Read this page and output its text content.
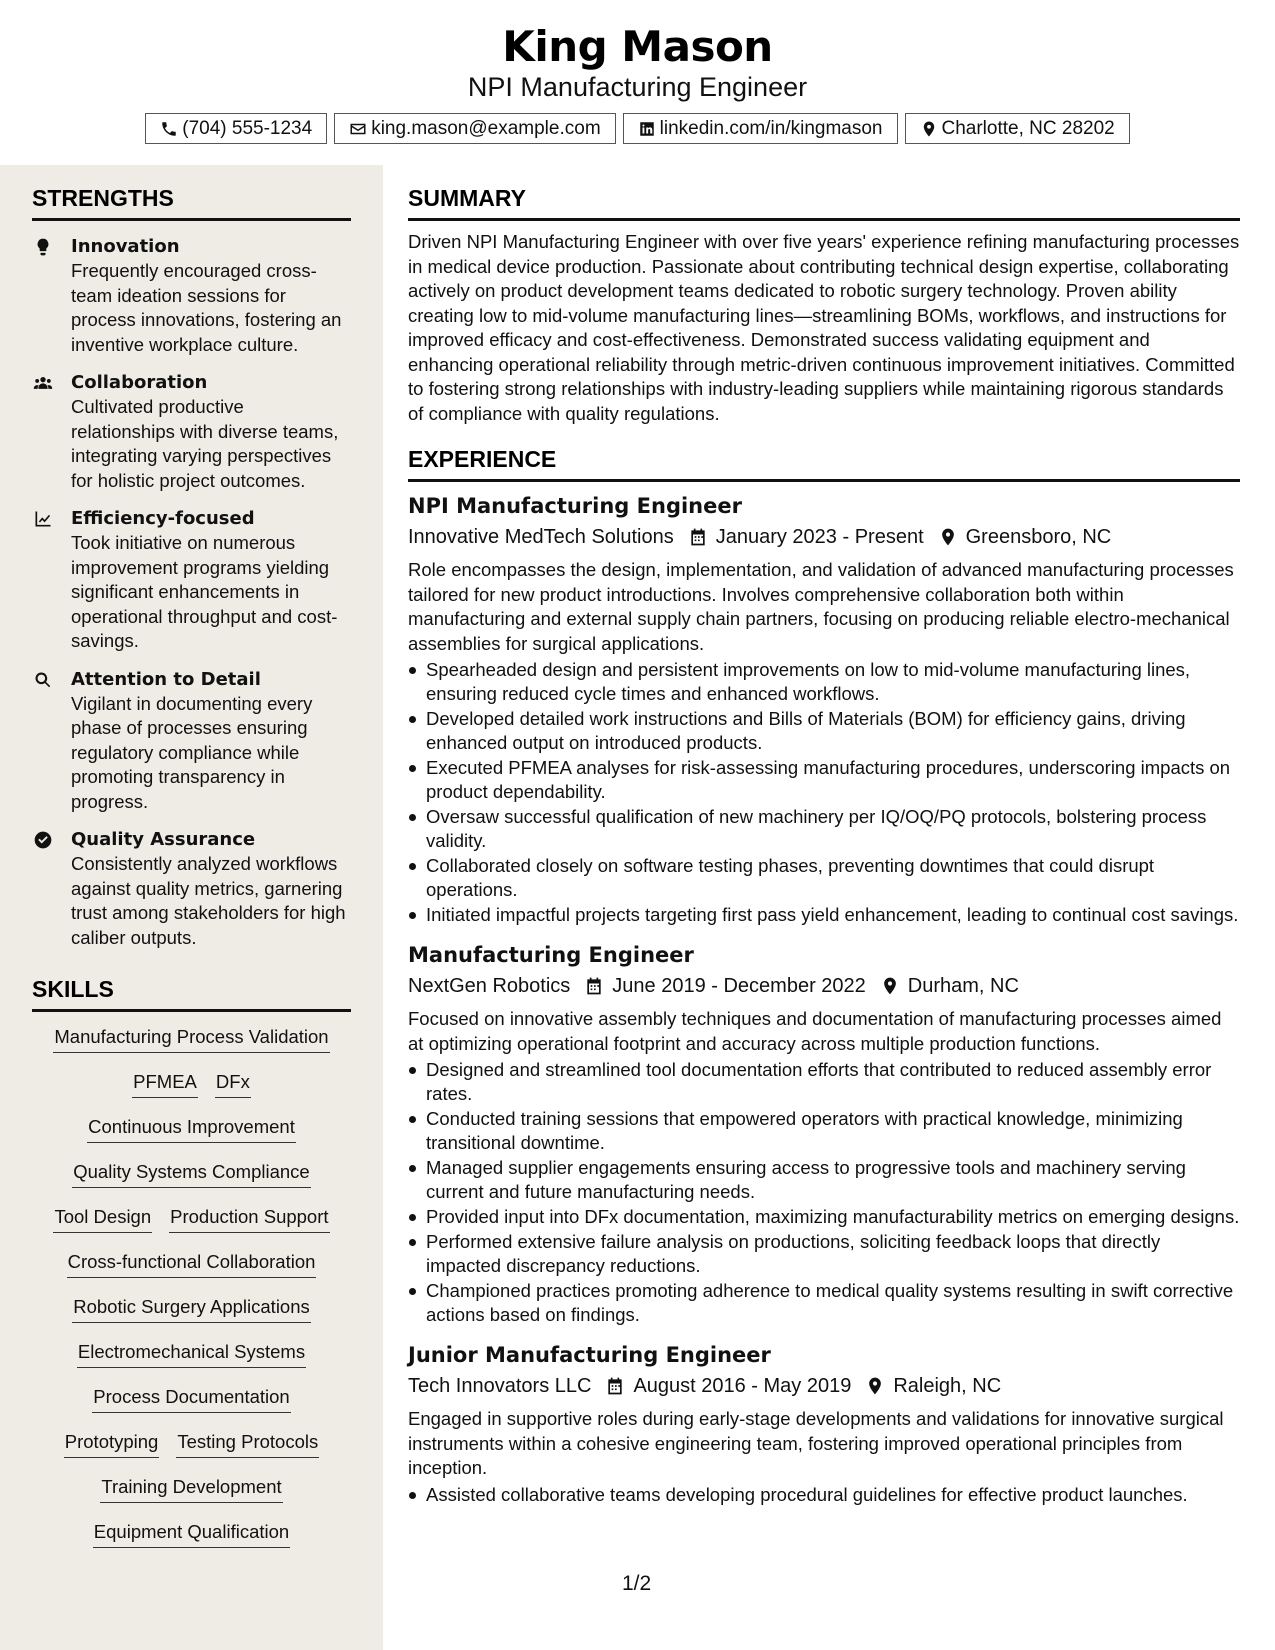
King Mason
NPI Manufacturing Engineer
(704) 555-1234	king.mason@example.com	linkedin.com/in/kingmason	Charlotte, NC 28202
STRENGTHS
Innovation
Frequently encouraged cross-team ideation sessions for process innovations, fostering an inventive workplace culture.
Collaboration
Cultivated productive relationships with diverse teams, integrating varying perspectives for holistic project outcomes.
Efficiency-focused
Took initiative on numerous improvement programs yielding significant enhancements in operational throughput and cost-savings.
Attention to Detail
Vigilant in documenting every phase of processes ensuring regulatory compliance while promoting transparency in progress.
Quality Assurance
Consistently analyzed workflows against quality metrics, garnering trust among stakeholders for high caliber outputs.
SKILLS
Manufacturing Process Validation
PFMEA DFx
Continuous Improvement
Quality Systems Compliance
Tool Design Production Support
Cross-functional Collaboration
Robotic Surgery Applications
Electromechanical Systems
Process Documentation
Prototyping Testing Protocols
Training Development
Equipment Qualification
SUMMARY
Driven NPI Manufacturing Engineer with over five years' experience refining manufacturing processes in medical device production. Passionate about contributing technical design expertise, collaborating actively on product development teams dedicated to robotic surgery technology. Proven ability creating low to mid-volume manufacturing lines—streamlining BOMs, workflows, and instructions for improved efficacy and cost-effectiveness. Demonstrated success validating equipment and enhancing operational reliability through metric-driven continuous improvement initiatives. Committed to fostering strong relationships with industry-leading suppliers while maintaining rigorous standards of compliance with quality regulations.
EXPERIENCE
NPI Manufacturing Engineer
Innovative MedTech Solutions January 2023 - Present Greensboro, NC
Role encompasses the design, implementation, and validation of advanced manufacturing processes tailored for new product introductions. Involves comprehensive collaboration both within manufacturing and external supply chain partners, focusing on producing reliable electro-mechanical assemblies for surgical applications.
Spearheaded design and persistent improvements on low to mid-volume manufacturing lines, ensuring reduced cycle times and enhanced workflows.
Developed detailed work instructions and Bills of Materials (BOM) for efficiency gains, driving enhanced output on introduced products.
Executed PFMEA analyses for risk-assessing manufacturing procedures, underscoring impacts on product dependability.
Oversaw successful qualification of new machinery per IQ/OQ/PQ protocols, bolstering process validity.
Collaborated closely on software testing phases, preventing downtimes that could disrupt operations.
Initiated impactful projects targeting first pass yield enhancement, leading to continual cost savings.
Manufacturing Engineer
NextGen Robotics June 2019 - December 2022 Durham, NC
Focused on innovative assembly techniques and documentation of manufacturing processes aimed at optimizing operational footprint and accuracy across multiple production functions.
Designed and streamlined tool documentation efforts that contributed to reduced assembly error rates.
Conducted training sessions that empowered operators with practical knowledge, minimizing transitional downtime.
Managed supplier engagements ensuring access to progressive tools and machinery serving current and future manufacturing needs.
Provided input into DFx documentation, maximizing manufacturability metrics on emerging designs.
Performed extensive failure analysis on productions, soliciting feedback loops that directly impacted discrepancy reductions.
Championed practices promoting adherence to medical quality systems resulting in swift corrective actions based on findings.
Junior Manufacturing Engineer
Tech Innovators LLC August 2016 - May 2019 Raleigh, NC
Engaged in supportive roles during early-stage developments and validations for innovative surgical instruments within a cohesive engineering team, fostering improved operational principles from inception.
Assisted collaborative teams developing procedural guidelines for effective product launches.
1/2
